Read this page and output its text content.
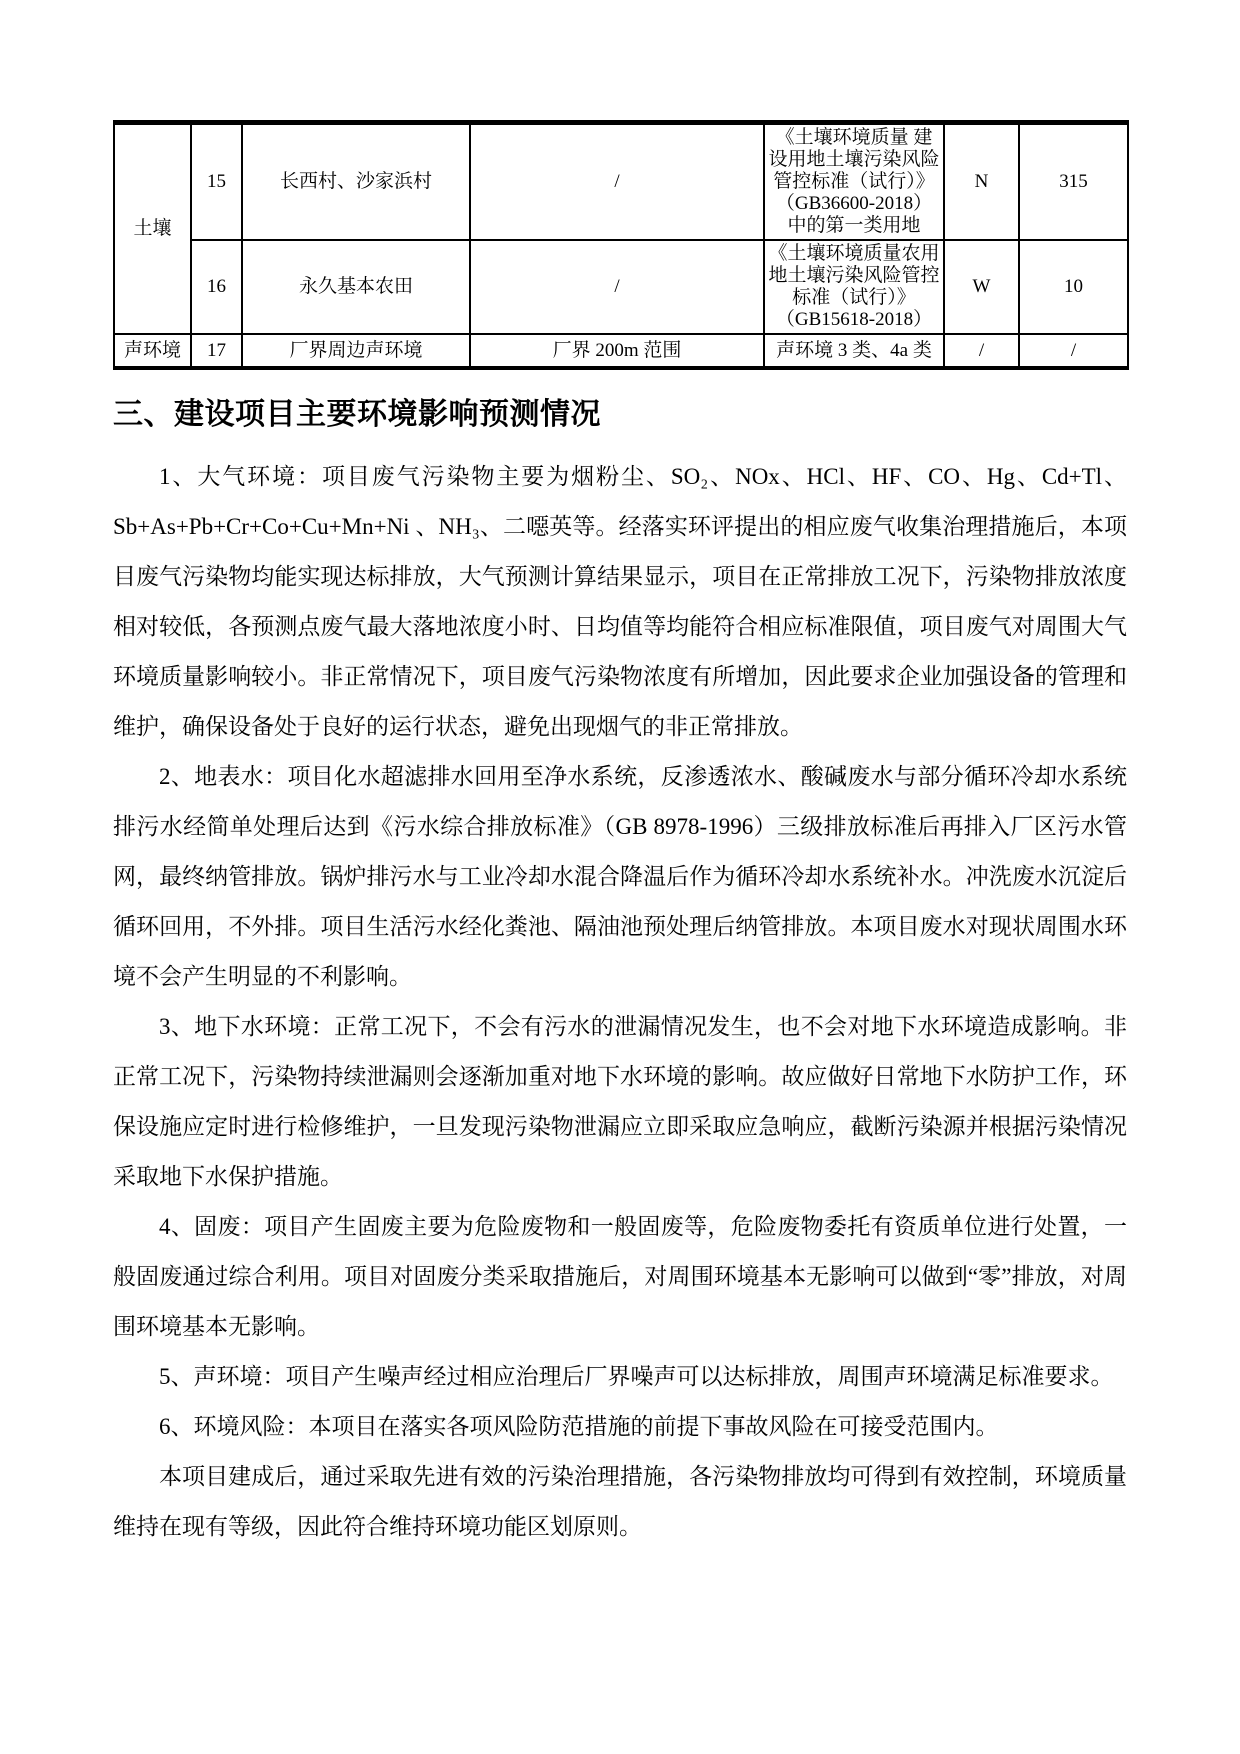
土壤	15	长西村、沙家浜村	/	《土壤环境质量 建设用地土壤污染风险管控标准（试行）》（GB36600-2018）中的第一类用地	N	315
	16	永久基本农田	/	《土壤环境质量农用地土壤污染风险管控标准（试行）》（GB15618-2018）	W	10
声环境	17	厂界周边声环境	厂界 200m 范围	声环境 3 类、4a 类	/	/
三、建设项目主要环境影响预测情况

1、大气环境：项目废气污染物主要为烟粉尘、SO₂、NOx、HCl、HF、CO、Hg、Cd+Tl、Sb+As+Pb+Cr+Co+Cu+Mn+Ni 、NH₃、二噁英等。经落实环评提出的相应废气收集治理措施后，本项目废气污染物均能实现达标排放，大气预测计算结果显示，项目在正常排放工况下，污染物排放浓度相对较低，各预测点废气最大落地浓度小时、日均值等均能符合相应标准限值，项目废气对周围大气环境质量影响较小。非正常情况下，项目废气污染物浓度有所增加，因此要求企业加强设备的管理和维护，确保设备处于良好的运行状态，避免出现烟气的非正常排放。

2、地表水：项目化水超滤排水回用至净水系统，反渗透浓水、酸碱废水与部分循环冷却水系统排污水经简单处理后达到《污水综合排放标准》（GB 8978-1996）三级排放标准后再排入厂区污水管网，最终纳管排放。锅炉排污水与工业冷却水混合降温后作为循环冷却水系统补水。冲洗废水沉淀后循环回用，不外排。项目生活污水经化粪池、隔油池预处理后纳管排放。本项目废水对现状周围水环境不会产生明显的不利影响。

3、地下水环境：正常工况下，不会有污水的泄漏情况发生，也不会对地下水环境造成影响。非正常工况下，污染物持续泄漏则会逐渐加重对地下水环境的影响。故应做好日常地下水防护工作，环保设施应定时进行检修维护，一旦发现污染物泄漏应立即采取应急响应，截断污染源并根据污染情况采取地下水保护措施。

4、固废：项目产生固废主要为危险废物和一般固废等，危险废物委托有资质单位进行处置，一般固废通过综合利用。项目对固废分类采取措施后，对周围环境基本无影响可以做到“零”排放，对周围环境基本无影响。

5、声环境：项目产生噪声经过相应治理后厂界噪声可以达标排放，周围声环境满足标准要求。

6、环境风险：本项目在落实各项风险防范措施的前提下事故风险在可接受范围内。

本项目建成后，通过采取先进有效的污染治理措施，各污染物排放均可得到有效控制，环境质量维持在现有等级，因此符合维持环境功能区划原则。
